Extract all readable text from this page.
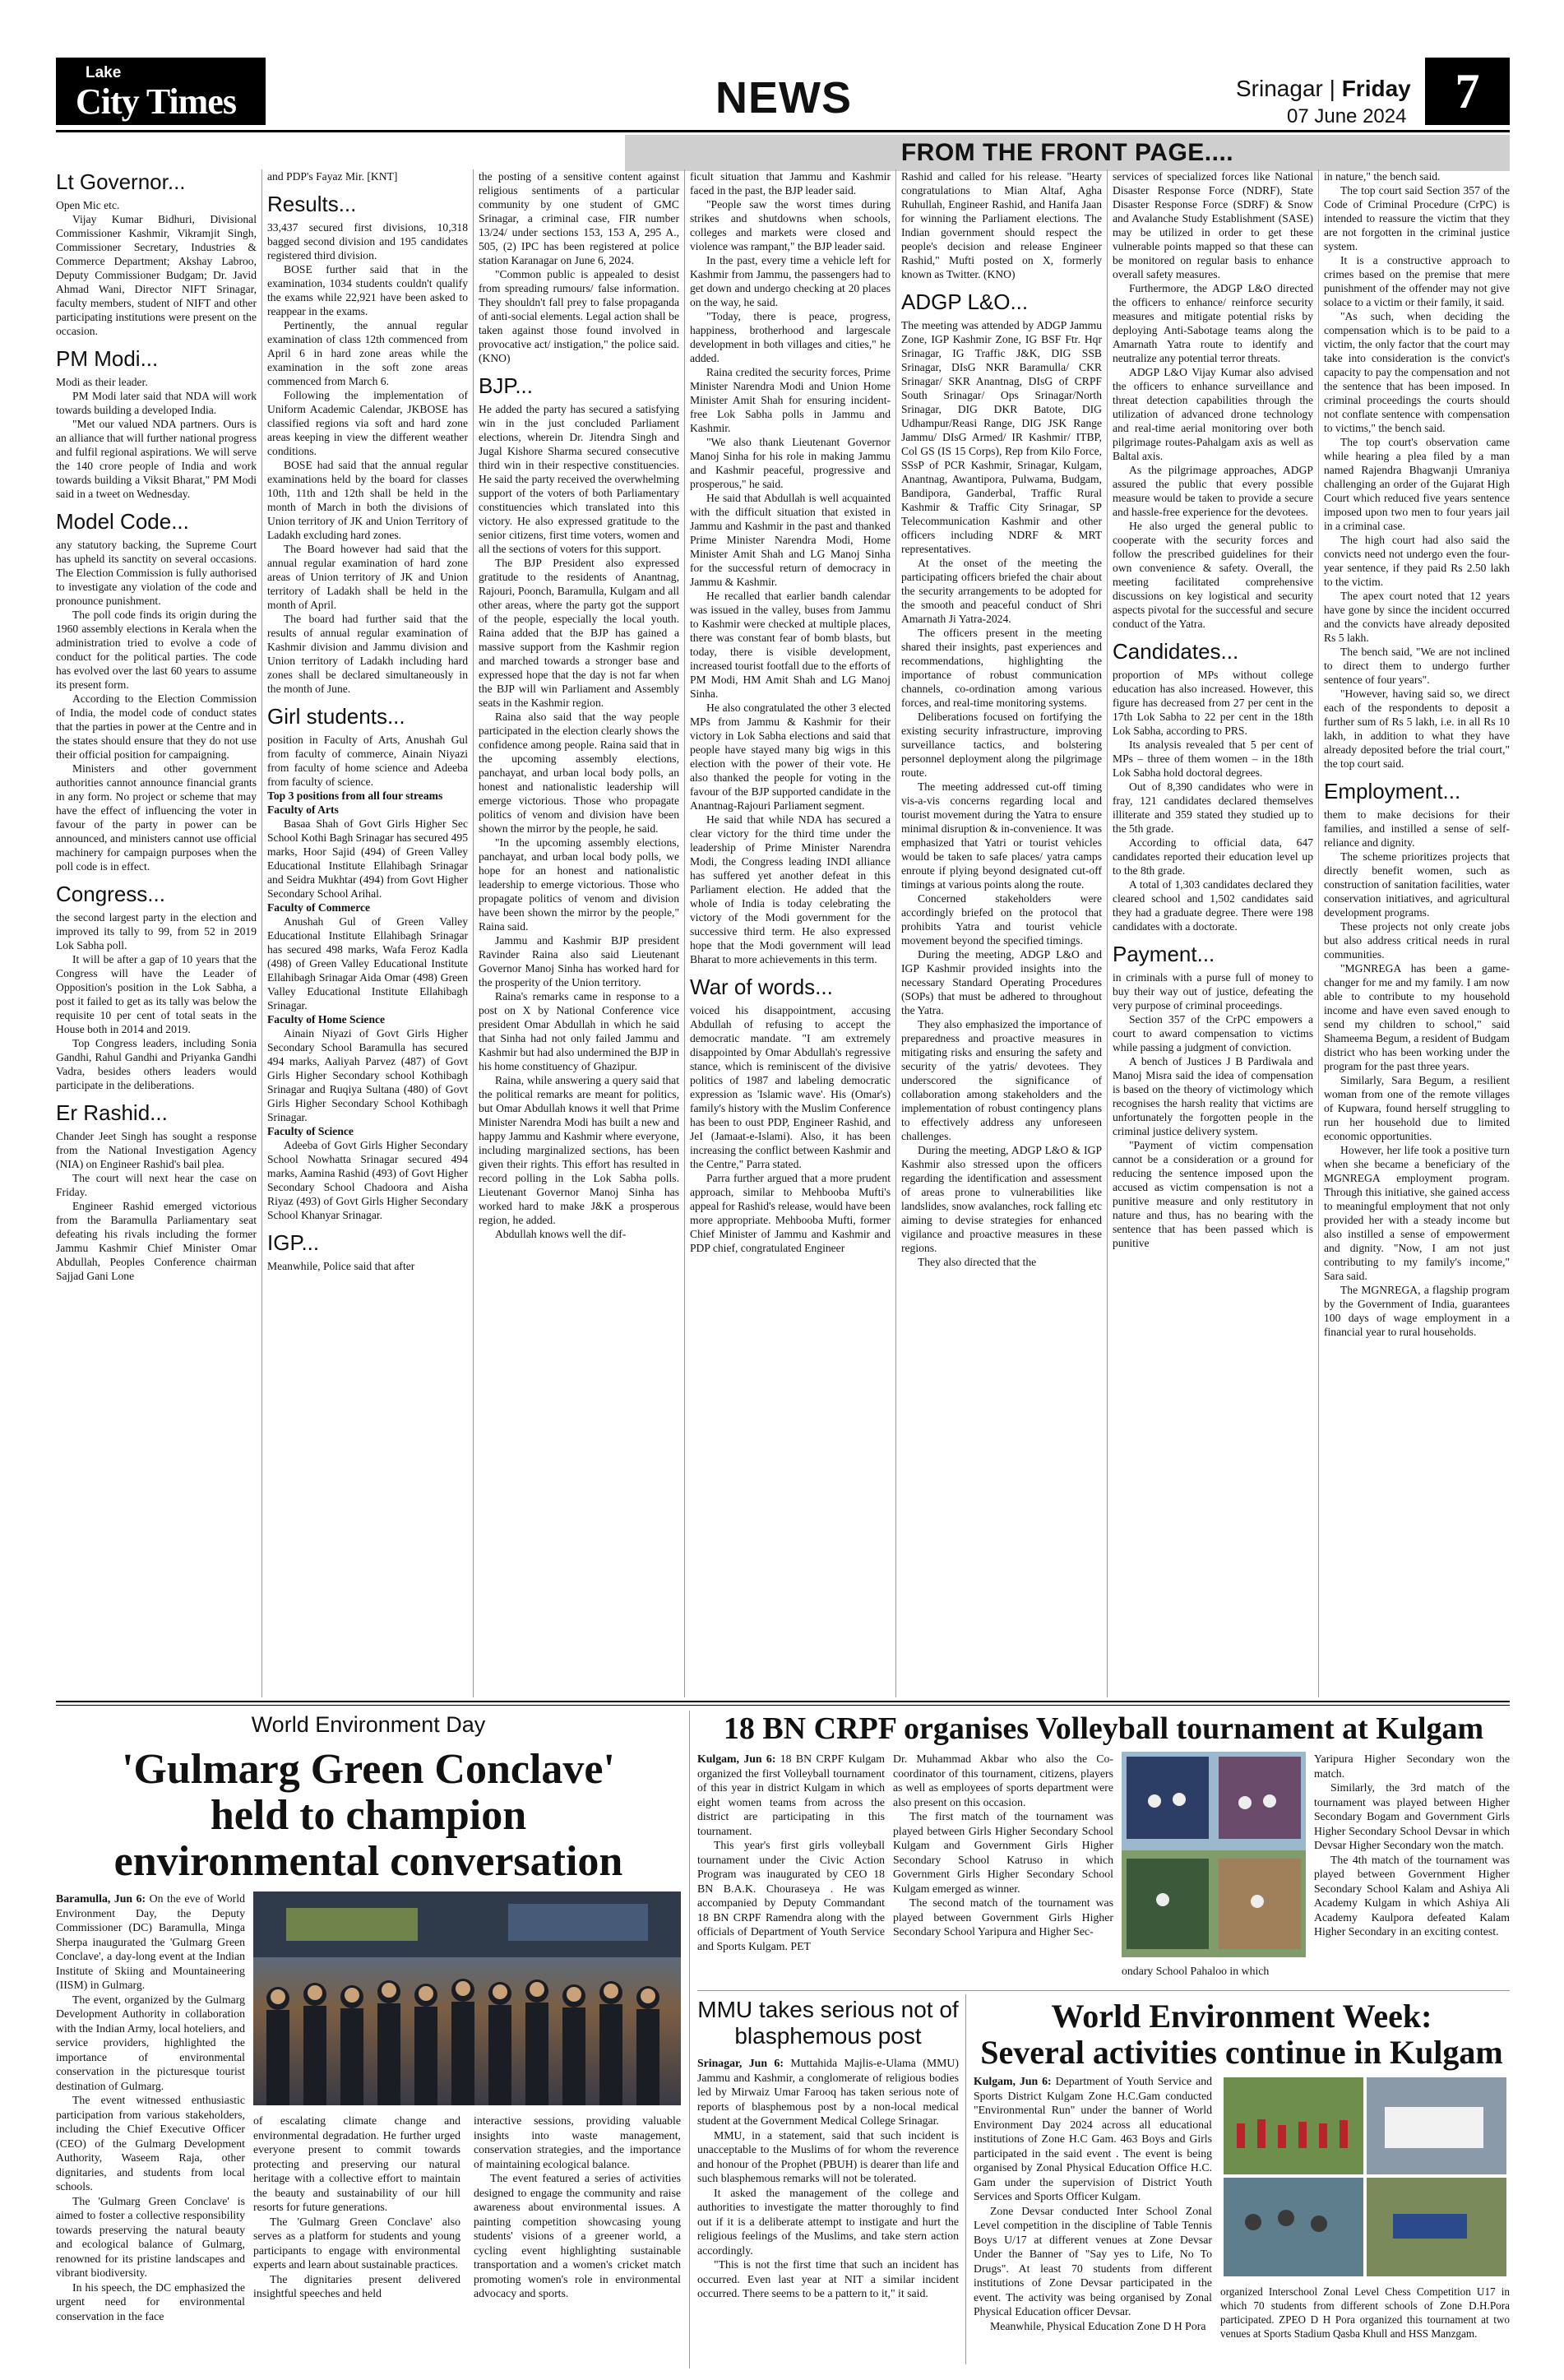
Lake
City Times	NEWS	Srinagar | Friday
07 June 2024 7
FROM THE FRONT PAGE....
Lt Governor...

Open Mic etc.

Vijay Kumar Bidhuri, Divisional Commissioner Kashmir, Vikramjit Singh, Commissioner Secretary, Industries & Commerce Department; Akshay Labroo, Deputy Commissioner Budgam; Dr. Javid Ahmad Wani, Director NIFT Srinagar, faculty members, student of NIFT and other participating institutions were present on the occasion.

PM Modi...

Modi as their leader.

PM Modi later said that NDA will work towards building a developed India.

"Met our valued NDA partners. Ours is an alliance that will further national progress and fulfil regional aspirations. We will serve the 140 crore people of India and work towards building a Viksit Bharat," PM Modi said in a tweet on Wednesday.

Model Code...

any statutory backing, the Supreme Court has upheld its sanctity on several occasions. The Election Commission is fully authorised to investigate any violation of the code and pronounce punishment.

The poll code finds its origin during the 1960 assembly elections in Kerala when the administration tried to evolve a code of conduct for the political parties. The code has evolved over the last 60 years to assume its present form.

According to the Election Commission of India, the model code of conduct states that the parties in power at the Centre and in the states should ensure that they do not use their official position for campaigning.

Ministers and other government authorities cannot announce financial grants in any form. No project or scheme that may have the effect of influencing the voter in favour of the party in power can be announced, and ministers cannot use official machinery for campaign purposes when the poll code is in effect.

Congress...

the second largest party in the election and improved its tally to 99, from 52 in 2019 Lok Sabha poll.

It will be after a gap of 10 years that the Congress will have the Leader of Opposition's position in the Lok Sabha, a post it failed to get as its tally was below the requisite 10 per cent of total seats in the House both in 2014 and 2019.

Top Congress leaders, including Sonia Gandhi, Rahul Gandhi and Priyanka Gandhi Vadra, besides others leaders would participate in the deliberations.

Er Rashid...

Chander Jeet Singh has sought a response from the National Investigation Agency (NIA) on Engineer Rashid's bail plea.

The court will next hear the case on Friday.

Engineer Rashid emerged victorious from the Baramulla Parliamentary seat defeating his rivals including the former Jammu Kashmir Chief Minister Omar Abdullah, Peoples Conference chairman Sajjad Gani Lone

and PDP's Fayaz Mir. [KNT]

Results...

33,437 secured first divisions, 10,318 bagged second division and 195 candidates registered third division.

BOSE further said that in the examination, 1034 students couldn't qualify the exams while 22,921 have been asked to reappear in the exams.

Pertinently, the annual regular examination of class 12th commenced from April 6 in hard zone areas while the examination in the soft zone areas commenced from March 6.

Following the implementation of Uniform Academic Calendar, JKBOSE has classified regions via soft and hard zone areas keeping in view the different weather conditions.

BOSE had said that the annual regular examinations held by the board for classes 10th, 11th and 12th shall be held in the month of March in both the divisions of Union territory of JK and Union Territory of Ladakh excluding hard zones.

The Board however had said that the annual regular examination of hard zone areas of Union territory of JK and Union territory of Ladakh shall be held in the month of April.

The board had further said that the results of annual regular examination of Kashmir division and Jammu division and Union territory of Ladakh including hard zones shall be declared simultaneously in the month of June.

Girl students...

position in Faculty of Arts, Anushah Gul from faculty of commerce, Ainain Niyazi from faculty of home science and Adeeba from faculty of science.

Top 3 positions from all four streams

Faculty of Arts

Basaa Shah of Govt Girls Higher Sec School Kothi Bagh Srinagar has secured 495 marks, Hoor Sajid (494) of Green Valley Educational Institute Ellahibagh Srinagar and Seidra Mukhtar (494) from Govt Higher Secondary School Arihal.

Faculty of Commerce

Anushah Gul of Green Valley Educational Institute Ellahibagh Srinagar has secured 498 marks, Wafa Feroz Kadla (498) of Green Valley Educational Institute Ellahibagh Srinagar Aida Omar (498) Green Valley Educational Institute Ellahibagh Srinagar.

Faculty of Home Science

Ainain Niyazi of Govt Girls Higher Secondary School Baramulla has secured 494 marks, Aaliyah Parvez (487) of Govt Girls Higher Secondary school Kothibagh Srinagar and Ruqiya Sultana (480) of Govt Girls Higher Secondary School Kothibagh Srinagar.

Faculty of Science

Adeeba of Govt Girls Higher Secondary School Nowhatta Srinagar secured 494 marks, Aamina Rashid (493) of Govt Higher Secondary School Chadoora and Aisha Riyaz (493) of Govt Girls Higher Secondary School Khanyar Srinagar.

IGP...

Meanwhile, Police said that after

the posting of a sensitive content against religious sentiments of a particular community by one student of GMC Srinagar, a criminal case, FIR number 13/24/ under sections 153, 153 A, 295 A., 505, (2) IPC has been registered at police station Karanagar on June 6, 2024.

"Common public is appealed to desist from spreading rumours/ false information. They shouldn't fall prey to false propaganda of anti-social elements. Legal action shall be taken against those found involved in provocative act/ instigation," the police said. (KNO)

BJP...

He added the party has secured a satisfying win in the just concluded Parliament elections, wherein Dr. Jitendra Singh and Jugal Kishore Sharma secured consecutive third win in their respective constituencies. He said the party received the overwhelming support of the voters of both Parliamentary constituencies which translated into this victory. He also expressed gratitude to the senior citizens, first time voters, women and all the sections of voters for this support.

The BJP President also expressed gratitude to the residents of Anantnag, Rajouri, Poonch, Baramulla, Kulgam and all other areas, where the party got the support of the people, especially the local youth. Raina added that the BJP has gained a massive support from the Kashmir region and marched towards a stronger base and expressed hope that the day is not far when the BJP will win Parliament and Assembly seats in the Kashmir region.

Raina also said that the way people participated in the election clearly shows the confidence among people. Raina said that in the upcoming assembly elections, panchayat, and urban local body polls, an honest and nationalistic leadership will emerge victorious. Those who propagate politics of venom and division have been shown the mirror by the people, he said.

"In the upcoming assembly elections, panchayat, and urban local body polls, we hope for an honest and nationalistic leadership to emerge victorious. Those who propagate politics of venom and division have been shown the mirror by the people," Raina said.

Jammu and Kashmir BJP president Ravinder Raina also said Lieutenant Governor Manoj Sinha has worked hard for the prosperity of the Union territory.

Raina's remarks came in response to a post on X by National Conference vice president Omar Abdullah in which he said that Sinha had not only failed Jammu and Kashmir but had also undermined the BJP in his home constituency of Ghazipur.

Raina, while answering a query said that the political remarks are meant for politics, but Omar Abdullah knows it well that Prime Minister Narendra Modi has built a new and happy Jammu and Kashmir where everyone, including marginalized sections, has been given their rights. This effort has resulted in record polling in the Lok Sabha polls. Lieutenant Governor Manoj Sinha has worked hard to make J&K a prosperous region, he added.

Abdullah knows well the dif-

ficult situation that Jammu and Kashmir faced in the past, the BJP leader said.

"People saw the worst times during strikes and shutdowns when schools, colleges and markets were closed and violence was rampant," the BJP leader said.

In the past, every time a vehicle left for Kashmir from Jammu, the passengers had to get down and undergo checking at 20 places on the way, he said.

"Today, there is peace, progress, happiness, brotherhood and largescale development in both villages and cities," he added.

Raina credited the security forces, Prime Minister Narendra Modi and Union Home Minister Amit Shah for ensuring incident-free Lok Sabha polls in Jammu and Kashmir.

"We also thank Lieutenant Governor Manoj Sinha for his role in making Jammu and Kashmir peaceful, progressive and prosperous," he said.

He said that Abdullah is well acquainted with the difficult situation that existed in Jammu and Kashmir in the past and thanked Prime Minister Narendra Modi, Home Minister Amit Shah and LG Manoj Sinha for the successful return of democracy in Jammu & Kashmir.

He recalled that earlier bandh calendar was issued in the valley, buses from Jammu to Kashmir were checked at multiple places, there was constant fear of bomb blasts, but today, there is visible development, increased tourist footfall due to the efforts of PM Modi, HM Amit Shah and LG Manoj Sinha.

He also congratulated the other 3 elected MPs from Jammu & Kashmir for their victory in Lok Sabha elections and said that people have stayed many big wigs in this election with the power of their vote. He also thanked the people for voting in the favour of the BJP supported candidate in the Anantnag-Rajouri Parliament segment.

He said that while NDA has secured a clear victory for the third time under the leadership of Prime Minister Narendra Modi, the Congress leading INDI alliance has suffered yet another defeat in this Parliament election. He added that the whole of India is today celebrating the victory of the Modi government for the successive third term. He also expressed hope that the Modi government will lead Bharat to more achievements in this term.

War of words...

voiced his disappointment, accusing Abdullah of refusing to accept the democratic mandate. "I am extremely disappointed by Omar Abdullah's regressive stance, which is reminiscent of the divisive politics of 1987 and labeling democratic expression as 'Islamic wave'. His (Omar's) family's history with the Muslim Conference has been to oust PDP, Engineer Rashid, and JeI (Jamaat-e-Islami). Also, it has been increasing the conflict between Kashmir and the Centre," Parra stated.

Parra further argued that a more prudent approach, similar to Mehbooba Mufti's appeal for Rashid's release, would have been more appropriate. Mehbooba Mufti, former Chief Minister of Jammu and Kashmir and PDP chief, congratulated Engineer

Rashid and called for his release. "Hearty congratulations to Mian Altaf, Agha Ruhullah, Engineer Rashid, and Hanifa Jaan for winning the Parliament elections. The Indian government should respect the people's decision and release Engineer Rashid," Mufti posted on X, formerly known as Twitter. (KNO)

ADGP L&O...

The meeting was attended by ADGP Jammu Zone, IGP Kashmir Zone, IG BSF Ftr. Hqr Srinagar, IG Traffic J&K, DIG SSB Srinagar, DIsG NKR Baramulla/ CKR Srinagar/ SKR Anantnag, DIsG of CRPF South Srinagar/ Ops Srinagar/North Srinagar, DIG DKR Batote, DIG Udhampur/Reasi Range, DIG JSK Range Jammu/ DIsG Armed/ IR Kashmir/ ITBP, Col GS (IS 15 Corps), Rep from Kilo Force, SSsP of PCR Kashmir, Srinagar, Kulgam, Anantnag, Awantipora, Pulwama, Budgam, Bandipora, Ganderbal, Traffic Rural Kashmir & Traffic City Srinagar, SP Telecommunication Kashmir and other officers including NDRF & MRT representatives.

At the onset of the meeting the participating officers briefed the chair about the security arrangements to be adopted for the smooth and peaceful conduct of Shri Amarnath Ji Yatra-2024.

The officers present in the meeting shared their insights, past experiences and recommendations, highlighting the importance of robust communication channels, co-ordination among various forces, and real-time monitoring systems.

Deliberations focused on fortifying the existing security infrastructure, improving surveillance tactics, and bolstering personnel deployment along the pilgrimage route.

The meeting addressed cut-off timing vis-a-vis concerns regarding local and tourist movement during the Yatra to ensure minimal disruption & in-convenience. It was emphasized that Yatri or tourist vehicles would be taken to safe places/ yatra camps enroute if plying beyond designated cut-off timings at various points along the route.

Concerned stakeholders were accordingly briefed on the protocol that prohibits Yatra and tourist vehicle movement beyond the specified timings.

During the meeting, ADGP L&O and IGP Kashmir provided insights into the necessary Standard Operating Procedures (SOPs) that must be adhered to throughout the Yatra.

They also emphasized the importance of preparedness and proactive measures in mitigating risks and ensuring the safety and security of the yatris/ devotees. They underscored the significance of collaboration among stakeholders and the implementation of robust contingency plans to effectively address any unforeseen challenges.

During the meeting, ADGP L&O & IGP Kashmir also stressed upon the officers regarding the identification and assessment of areas prone to vulnerabilities like landslides, snow avalanches, rock falling etc aiming to devise strategies for enhanced vigilance and proactive measures in these regions.

They also directed that the

services of specialized forces like National Disaster Response Force (NDRF), State Disaster Response Force (SDRF) & Snow and Avalanche Study Establishment (SASE) may be utilized in order to get these vulnerable points mapped so that these can be monitored on regular basis to enhance overall safety measures.

Furthermore, the ADGP L&O directed the officers to enhance/ reinforce security measures and mitigate potential risks by deploying Anti-Sabotage teams along the Amarnath Yatra route to identify and neutralize any potential terror threats.

ADGP L&O Vijay Kumar also advised the officers to enhance surveillance and threat detection capabilities through the utilization of advanced drone technology and real-time aerial monitoring over both pilgrimage routes-Pahalgam axis as well as Baltal axis.

As the pilgrimage approaches, ADGP assured the public that every possible measure would be taken to provide a secure and hassle-free experience for the devotees.

He also urged the general public to cooperate with the security forces and follow the prescribed guidelines for their own convenience & safety. Overall, the meeting facilitated comprehensive discussions on key logistical and security aspects pivotal for the successful and secure conduct of the Yatra.

Candidates...

proportion of MPs without college education has also increased. However, this figure has decreased from 27 per cent in the 17th Lok Sabha to 22 per cent in the 18th Lok Sabha, according to PRS.

Its analysis revealed that 5 per cent of MPs – three of them women – in the 18th Lok Sabha hold doctoral degrees.

Out of 8,390 candidates who were in fray, 121 candidates declared themselves illiterate and 359 stated they studied up to the 5th grade.

According to official data, 647 candidates reported their education level up to the 8th grade.

A total of 1,303 candidates declared they cleared school and 1,502 candidates said they had a graduate degree. There were 198 candidates with a doctorate.

Payment...

in criminals with a purse full of money to buy their way out of justice, defeating the very purpose of criminal proceedings.

Section 357 of the CrPC empowers a court to award compensation to victims while passing a judgment of conviction.

A bench of Justices J B Pardiwala and Manoj Misra said the idea of compensation is based on the theory of victimology which recognises the harsh reality that victims are unfortunately the forgotten people in the criminal justice delivery system.

"Payment of victim compensation cannot be a consideration or a ground for reducing the sentence imposed upon the accused as victim compensation is not a punitive measure and only restitutory in nature and thus, has no bearing with the sentence that has been passed which is punitive

in nature," the bench said.

The top court said Section 357 of the Code of Criminal Procedure (CrPC) is intended to reassure the victim that they are not forgotten in the criminal justice system.

It is a constructive approach to crimes based on the premise that mere punishment of the offender may not give solace to a victim or their family, it said.

"As such, when deciding the compensation which is to be paid to a victim, the only factor that the court may take into consideration is the convict's capacity to pay the compensation and not the sentence that has been imposed. In criminal proceedings the courts should not conflate sentence with compensation to victims," the bench said.

The top court's observation came while hearing a plea filed by a man named Rajendra Bhagwanji Umraniya challenging an order of the Gujarat High Court which reduced five years sentence imposed upon two men to four years jail in a criminal case.

The high court had also said the convicts need not undergo even the four-year sentence, if they paid Rs 2.50 lakh to the victim.

The apex court noted that 12 years have gone by since the incident occurred and the convicts have already deposited Rs 5 lakh.

The bench said, "We are not inclined to direct them to undergo further sentence of four years".

"However, having said so, we direct each of the respondents to deposit a further sum of Rs 5 lakh, i.e. in all Rs 10 lakh, in addition to what they have already deposited before the trial court," the top court said.

Employment...

them to make decisions for their families, and instilled a sense of self-reliance and dignity.

The scheme prioritizes projects that directly benefit women, such as construction of sanitation facilities, water conservation initiatives, and agricultural development programs.

These projects not only create jobs but also address critical needs in rural communities.

"MGNREGA has been a game-changer for me and my family. I am now able to contribute to my household income and have even saved enough to send my children to school," said Shameema Begum, a resident of Budgam district who has been working under the program for the past three years.

Similarly, Sara Begum, a resilient woman from one of the remote villages of Kupwara, found herself struggling to run her household due to limited economic opportunities.

However, her life took a positive turn when she became a beneficiary of the MGNREGA employment program. Through this initiative, she gained access to meaningful employment that not only provided her with a steady income but also instilled a sense of empowerment and dignity. "Now, I am not just contributing to my family's income," Sara said.

The MGNREGA, a flagship program by the Government of India, guarantees 100 days of wage employment in a financial year to rural households.

World Environment Day
'Gulmarg Green Conclave'
held to champion
environmental conversation

Baramulla, Jun 6: On the eve of World Environment Day, the Deputy Commissioner (DC) Baramulla, Minga Sherpa inaugurated the 'Gulmarg Green Conclave', a day-long event at the Indian Institute of Skiing and Mountaineering (IISM) in Gulmarg.

The event, organized by the Gulmarg Development Authority in collaboration with the Indian Army, local hoteliers, and service providers, highlighted the importance of environmental conservation in the picturesque tourist destination of Gulmarg.

The event witnessed enthusiastic participation from various stakeholders, including the Chief Executive Officer (CEO) of the Gulmarg Development Authority, Waseem Raja, other dignitaries, and students from local schools.

The 'Gulmarg Green Conclave' is aimed to foster a collective responsibility towards preserving the natural beauty and ecological balance of Gulmarg, renowned for its pristine landscapes and vibrant biodiversity.

In his speech, the DC emphasized the urgent need for environmental conservation in the face

of escalating climate change and environmental degradation. He further urged everyone present to commit towards protecting and preserving our natural heritage with a collective effort to maintain the beauty and sustainability of our hill resorts for future generations.

The 'Gulmarg Green Conclave' also serves as a platform for students and young participants to engage with environmental experts and learn about sustainable practices.

The dignitaries present delivered insightful speeches and held

interactive sessions, providing valuable insights into waste management, conservation strategies, and the importance of maintaining ecological balance.

The event featured a series of activities designed to engage the community and raise awareness about environmental issues. A painting competition showcasing young students' visions of a greener world, a cycling event highlighting sustainable transportation and a women's cricket match promoting women's role in environmental advocacy and sports.

18 BN CRPF organises Volleyball tournament at Kulgam

Kulgam, Jun 6: 18 BN CRPF Kulgam organized the first Volleyball tournament of this year in district Kulgam in which eight women teams from across the district are participating in this tournament.

This year's first girls volleyball tournament under the Civic Action Program was inaugurated by CEO 18 BN B.A.K. Chouraseya . He was accompanied by Deputy Commandant 18 BN CRPF Ramendra along with the officials of Department of Youth Service and Sports Kulgam. PET

Dr. Muhammad Akbar who also the Co-coordinator of this tournament, citizens, players as well as employees of sports department were also present on this occasion.

The first match of the tournament was played between Girls Higher Secondary School Kulgam and Government Girls Higher Secondary School Katruso in which Government Girls Higher Secondary School Kulgam emerged as winner.

The second match of the tournament was played between Government Girls Higher Secondary School Yaripura and Higher Sec-

ondary School Pahaloo in which

Yaripura Higher Secondary won the match.

Similarly, the 3rd match of the tournament was played between Higher Secondary Bogam and Government Girls Higher Secondary School Devsar in which Devsar Higher Secondary won the match.

The 4th match of the tournament was played between Government Higher Secondary School Kalam and Ashiya Ali Academy Kulgam in which Ashiya Ali Academy Kaulpora defeated Kalam Higher Secondary in an exciting contest.

MMU takes serious not of blasphemous post

Srinagar, Jun 6: Muttahida Majlis-e-Ulama (MMU) Jammu and Kashmir, a conglomerate of religious bodies led by Mirwaiz Umar Farooq has taken serious note of reports of blasphemous post by a non-local medical student at the Government Medical College Srinagar.

MMU, in a statement, said that such incident is unacceptable to the Muslims of for whom the reverence and honour of the Prophet (PBUH) is dearer than life and such blasphemous remarks will not be tolerated.

It asked the management of the college and authorities to investigate the matter thoroughly to find out if it is a deliberate attempt to instigate and hurt the religious feelings of the Muslims, and take stern action accordingly.

"This is not the first time that such an incident has occurred. Even last year at NIT a similar incident occurred. There seems to be a pattern to it," it said.

World Environment Week:
Several activities continue in Kulgam

Kulgam, Jun 6: Department of Youth Service and Sports District Kulgam Zone H.C.Gam conducted "Environmental Run" under the banner of World Environment Day 2024 across all educational institutions of Zone H.C Gam. 463 Boys and Girls participated in the said event . The event is being organised by Zonal Physical Education Office H.C. Gam under the supervision of District Youth Services and Sports Officer Kulgam.

Zone Devsar conducted Inter School Zonal Level competition in the discipline of Table Tennis Boys U/17 at different venues at Zone Devsar Under the Banner of "Say yes to Life, No To Drugs". At least 70 students from different institutions of Zone Devsar participated in the event. The activity was being organised by Zonal Physical Education officer Devsar.

Meanwhile, Physical Education Zone D H Pora

organized Interschool Zonal Level Chess Competition U17 in which 70 students from different schools of Zone D.H.Pora participated. ZPEO D H Pora organized this tournament at two venues at Sports Stadium Qasba Khull and HSS Manzgam.
